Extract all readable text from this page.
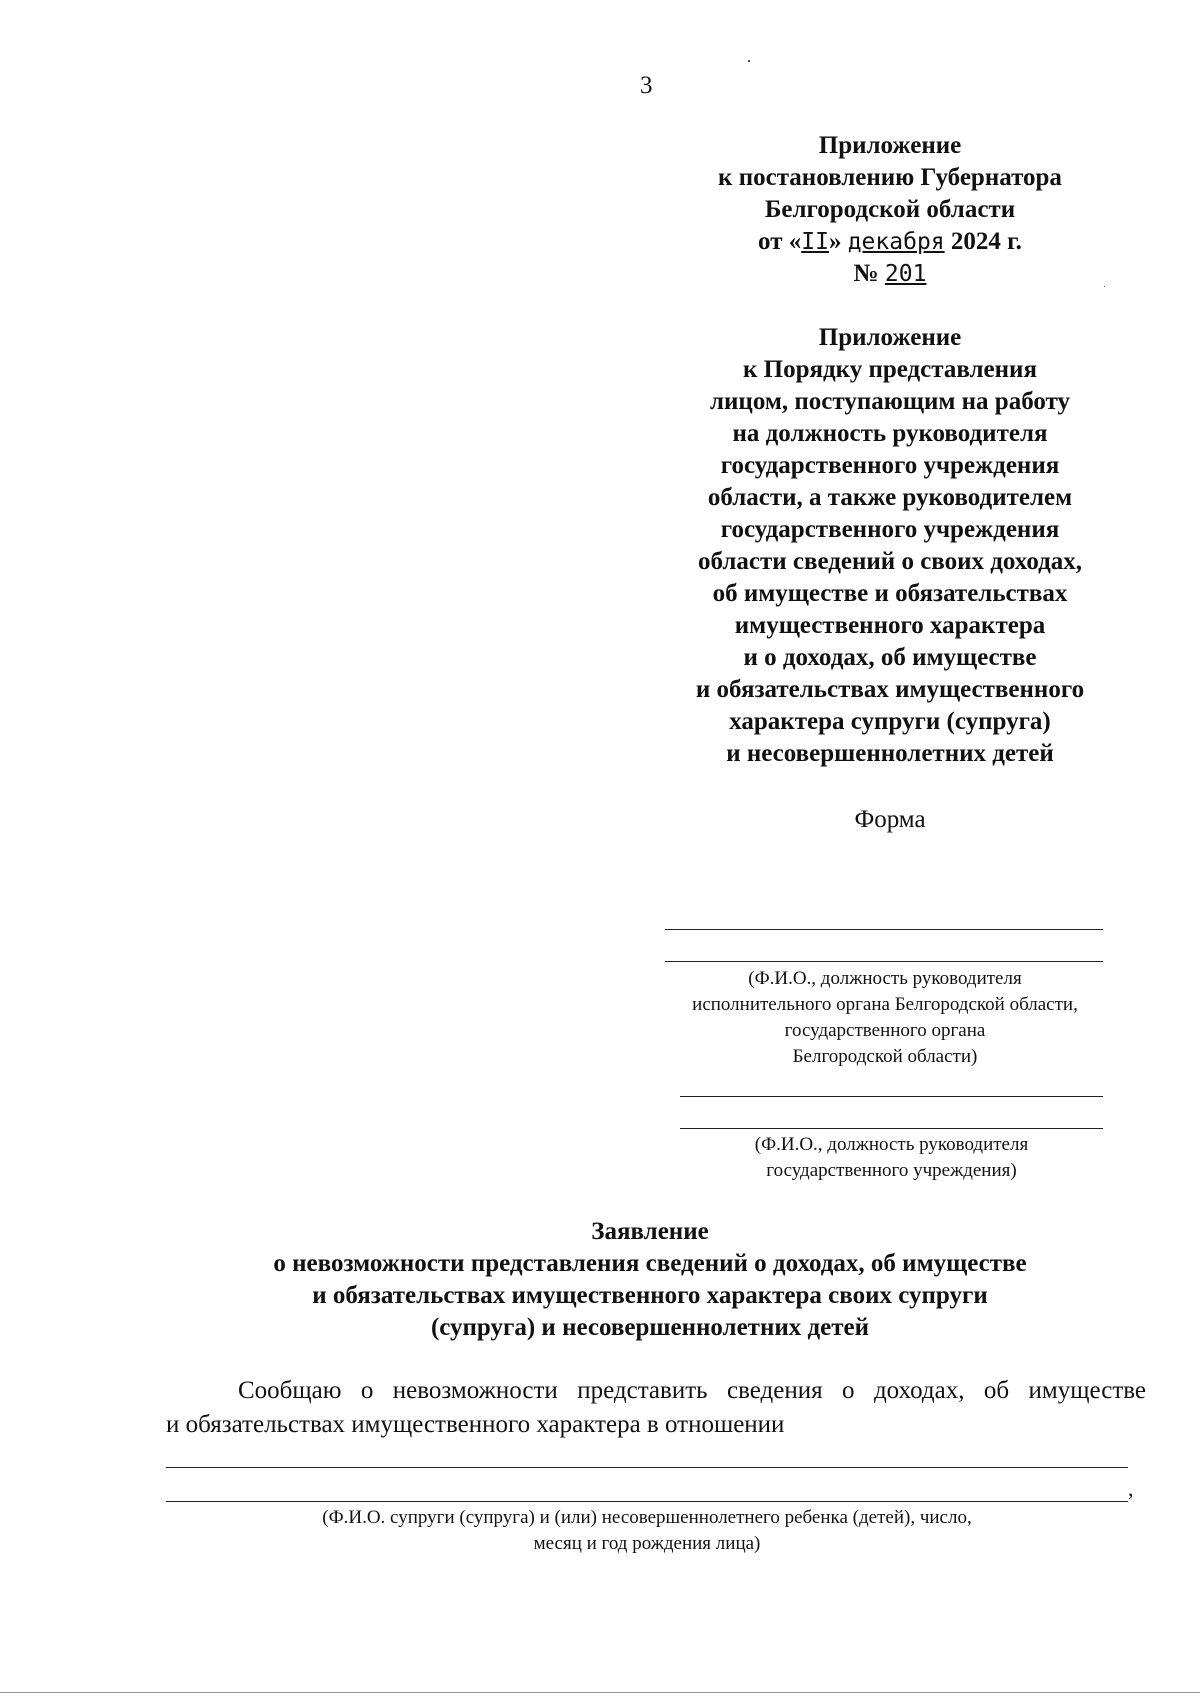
3
Приложение
к постановлению Губернатора
Белгородской области
от «II» декабря 2024 г.
№ 201
Приложение
к Порядку представления
лицом, поступающим на работу
на должность руководителя
государственного учреждения
области, а также руководителем
государственного учреждения
области сведений о своих доходах,
об имуществе и обязательствах
имущественного характера
и о доходах, об имуществе
и обязательствах имущественного
характера супруги (супруга)
и несовершеннолетних детей
Форма
(Ф.И.О., должность руководителя
исполнительного органа Белгородской области,
государственного органа
Белгородской области)
(Ф.И.О., должность руководителя
государственного учреждения)
Заявление
о невозможности представления сведений о доходах, об имуществе
и обязательствах имущественного характера своих супруги
(супруга) и несовершеннолетних детей
Сообщаю о невозможности представить сведения о доходах, об имуществе
и обязательствах имущественного характера в отношении
,
(Ф.И.О. супруги (супруга) и (или) несовершеннолетнего ребенка (детей), число,
месяц и год рождения лица)
